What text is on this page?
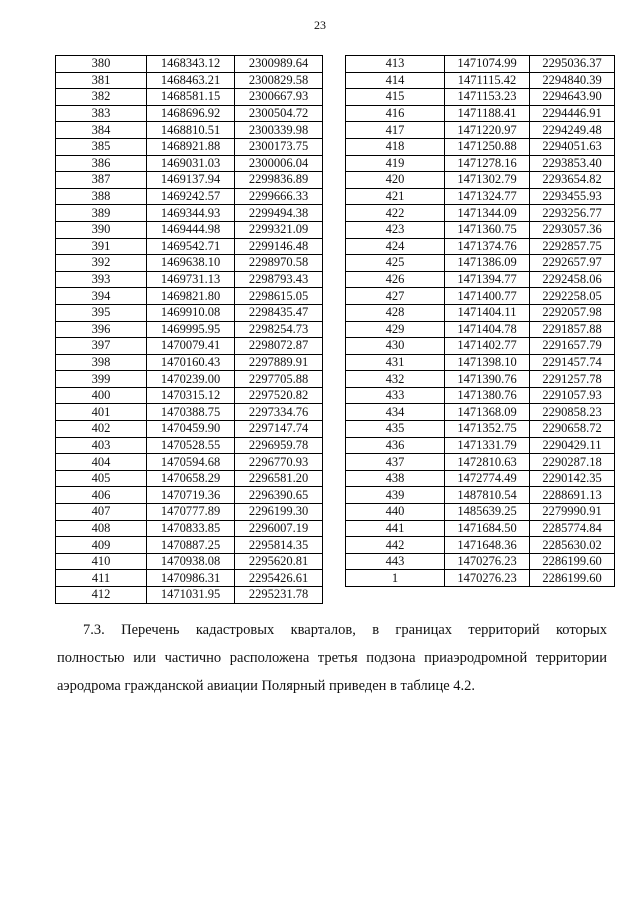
23
380	1468343.12	2300989.64
381	1468463.21	2300829.58
382	1468581.15	2300667.93
383	1468696.92	2300504.72
384	1468810.51	2300339.98
385	1468921.88	2300173.75
386	1469031.03	2300006.04
387	1469137.94	2299836.89
388	1469242.57	2299666.33
389	1469344.93	2299494.38
390	1469444.98	2299321.09
391	1469542.71	2299146.48
392	1469638.10	2298970.58
393	1469731.13	2298793.43
394	1469821.80	2298615.05
395	1469910.08	2298435.47
396	1469995.95	2298254.73
397	1470079.41	2298072.87
398	1470160.43	2297889.91
399	1470239.00	2297705.88
400	1470315.12	2297520.82
401	1470388.75	2297334.76
402	1470459.90	2297147.74
403	1470528.55	2296959.78
404	1470594.68	2296770.93
405	1470658.29	2296581.20
406	1470719.36	2296390.65
407	1470777.89	2296199.30
408	1470833.85	2296007.19
409	1470887.25	2295814.35
410	1470938.08	2295620.81
411	1470986.31	2295426.61
412	1471031.95	2295231.78
413	1471074.99	2295036.37
414	1471115.42	2294840.39
415	1471153.23	2294643.90
416	1471188.41	2294446.91
417	1471220.97	2294249.48
418	1471250.88	2294051.63
419	1471278.16	2293853.40
420	1471302.79	2293654.82
421	1471324.77	2293455.93
422	1471344.09	2293256.77
423	1471360.75	2293057.36
424	1471374.76	2292857.75
425	1471386.09	2292657.97
426	1471394.77	2292458.06
427	1471400.77	2292258.05
428	1471404.11	2292057.98
429	1471404.78	2291857.88
430	1471402.77	2291657.79
431	1471398.10	2291457.74
432	1471390.76	2291257.78
433	1471380.76	2291057.93
434	1471368.09	2290858.23
435	1471352.75	2290658.72
436	1471331.79	2290429.11
437	1472810.63	2290287.18
438	1472774.49	2290142.35
439	1487810.54	2288691.13
440	1485639.25	2279990.91
441	1471684.50	2285774.84
442	1471648.36	2285630.02
443	1470276.23	2286199.60
1	1470276.23	2286199.60
7.3. Перечень кадастровых кварталов, в границах территорий которых
полностью или частично расположена третья подзона приаэродромной территории
аэродрома гражданской авиации Полярный приведен в таблице 4.2.
